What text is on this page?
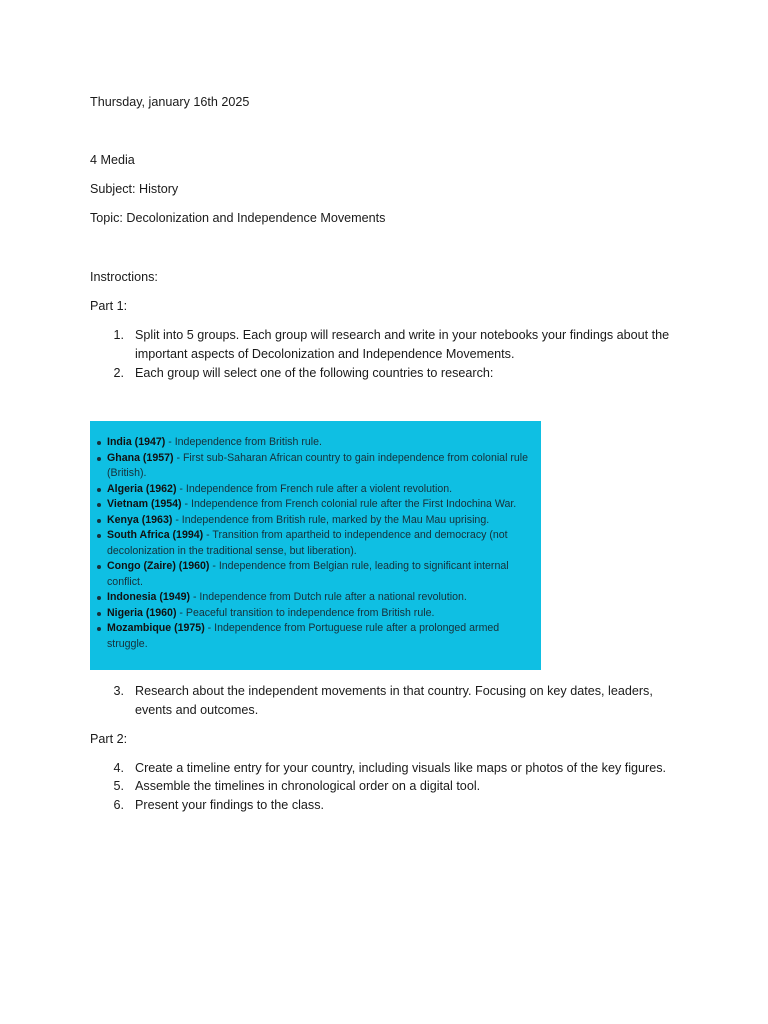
Thursday, january 16th 2025
4 Media
Subject: History
Topic: Decolonization and Independence Movements
Instroctions:
Part 1:
1. Split into 5 groups. Each group will research and write in your notebooks your findings about the important aspects of Decolonization and Independence Movements.
2. Each group will select one of the following countries to research:
India (1947) - Independence from British rule.
Ghana (1957) - First sub-Saharan African country to gain independence from colonial rule (British).
Algeria (1962) - Independence from French rule after a violent revolution.
Vietnam (1954) - Independence from French colonial rule after the First Indochina War.
Kenya (1963) - Independence from British rule, marked by the Mau Mau uprising.
South Africa (1994) - Transition from apartheid to independence and democracy (not decolonization in the traditional sense, but liberation).
Congo (Zaire) (1960) - Independence from Belgian rule, leading to significant internal conflict.
Indonesia (1949) - Independence from Dutch rule after a national revolution.
Nigeria (1960) - Peaceful transition to independence from British rule.
Mozambique (1975) - Independence from Portuguese rule after a prolonged armed struggle.
3. Research about the independent movements in that country. Focusing on key dates, leaders, events and outcomes.
Part 2:
4. Create a timeline entry for your country, including visuals like maps or photos of the key figures.
5. Assemble the timelines in chronological order on a digital tool.
6. Present your findings to the class.
